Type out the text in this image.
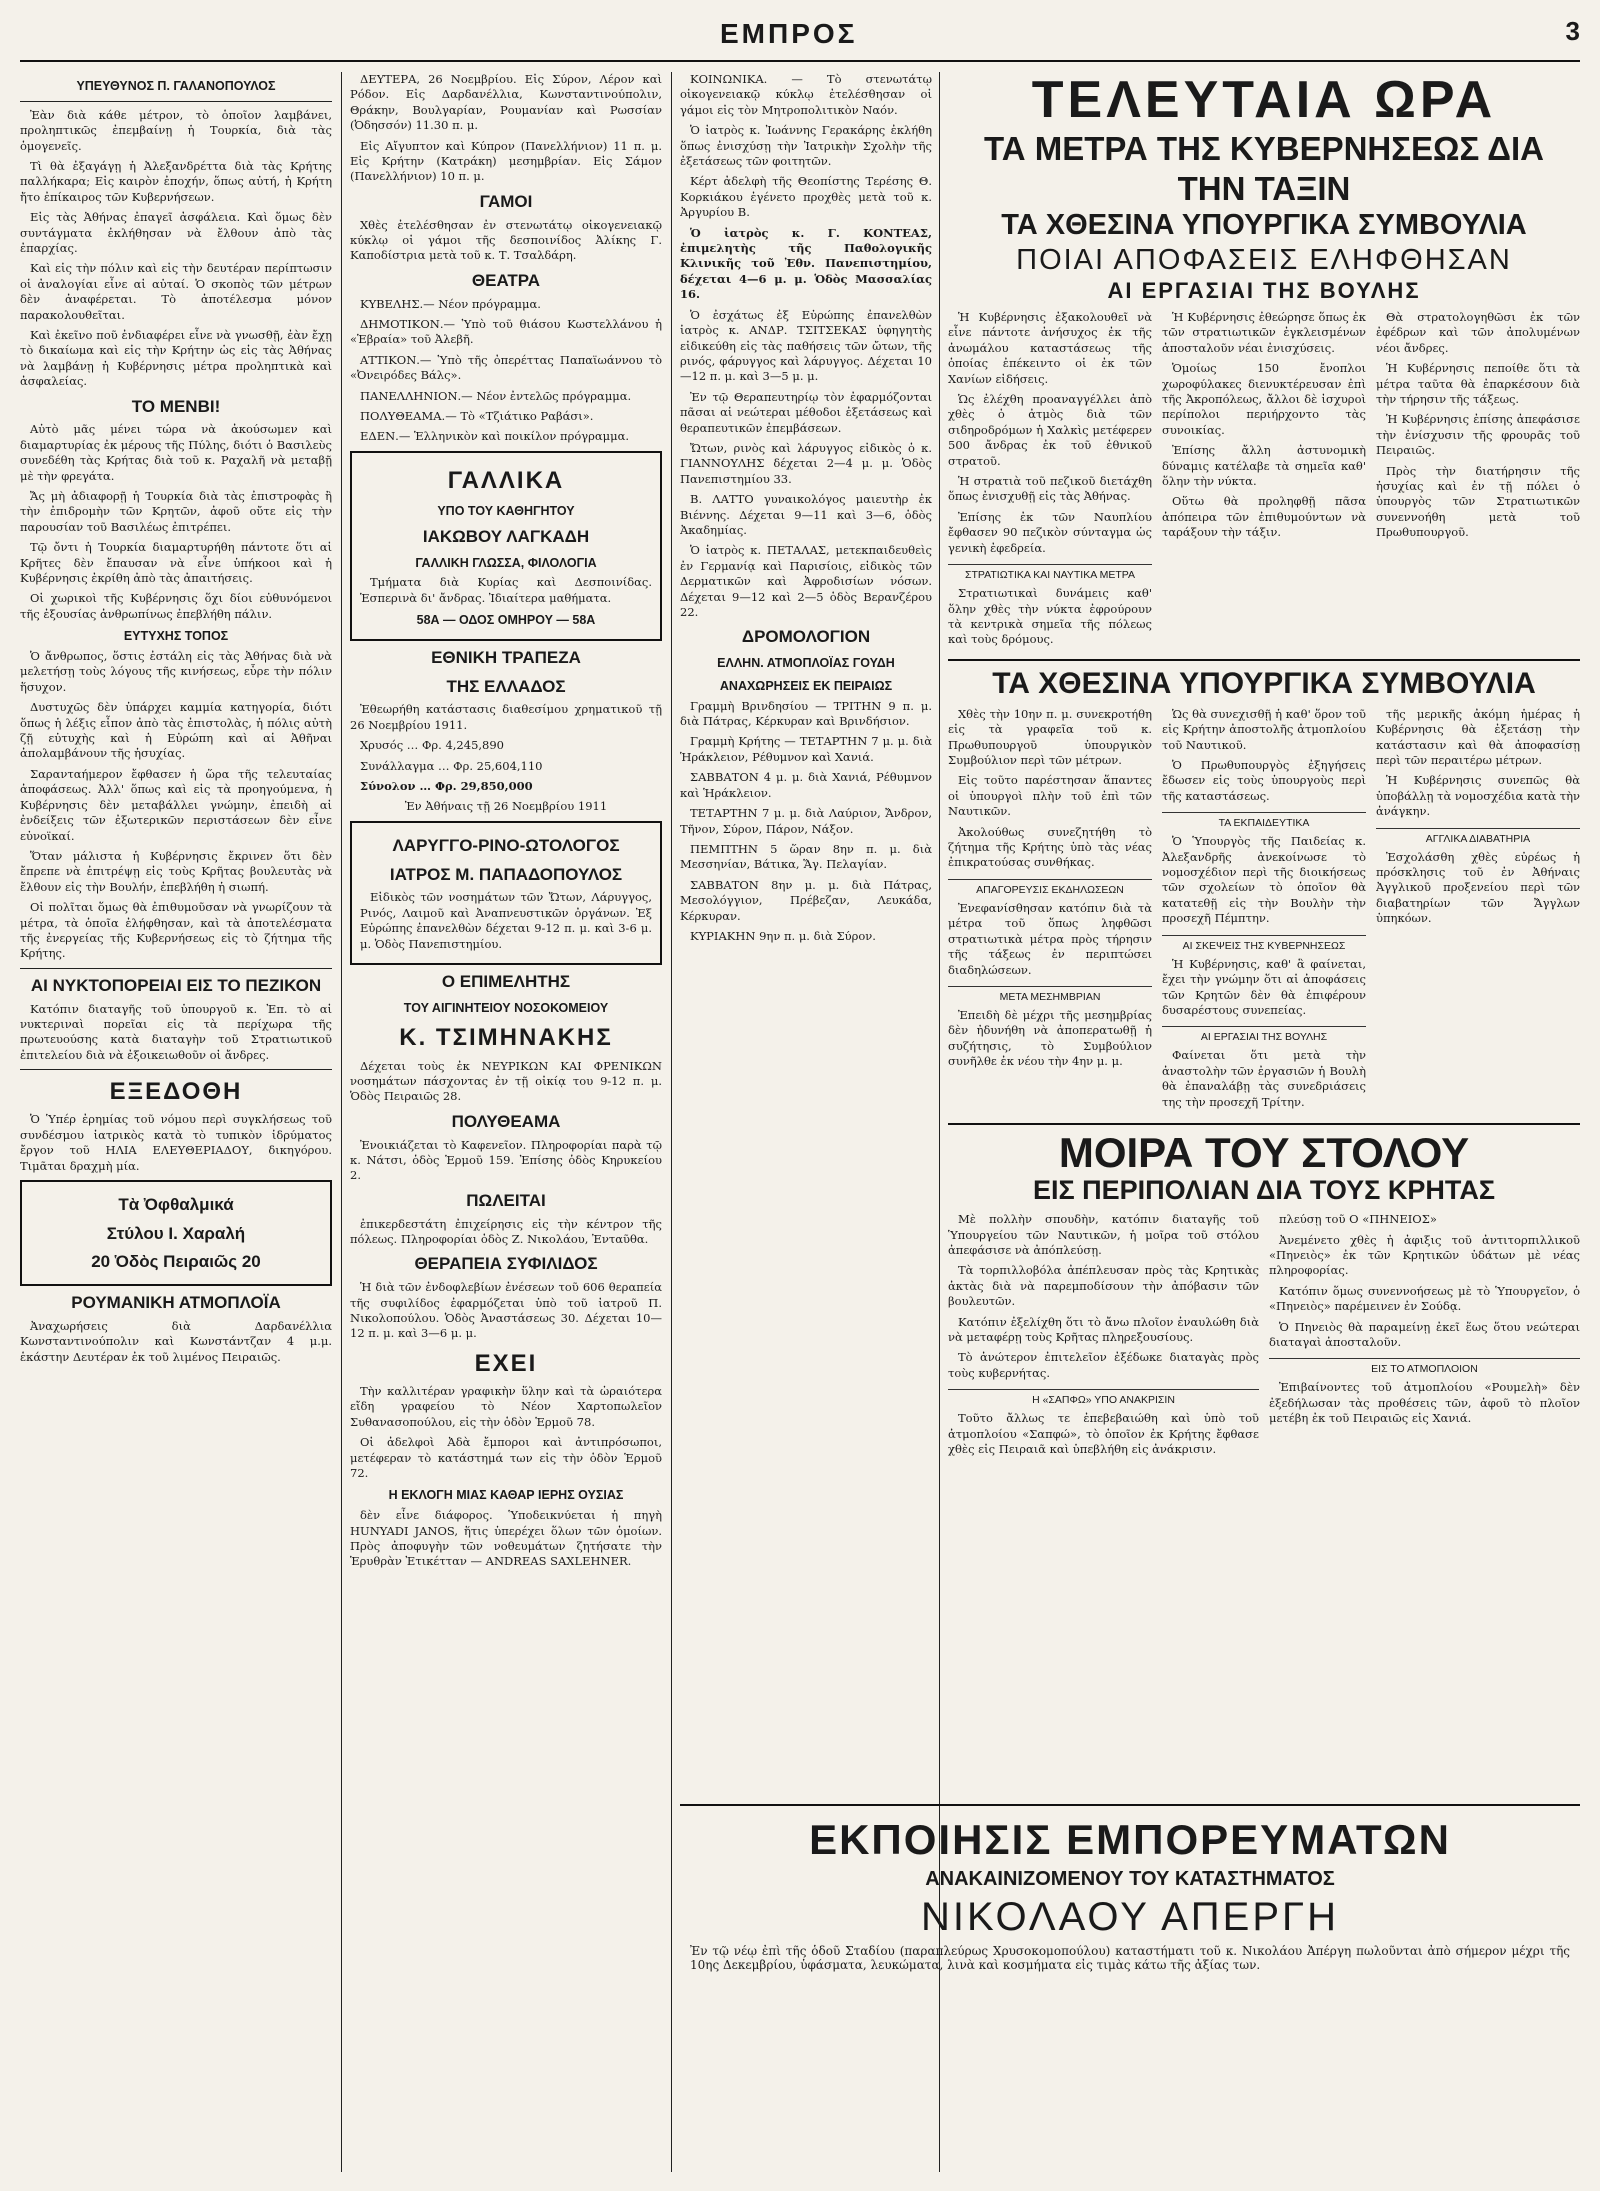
ΕΜΠΡΟΣ	3
ΥΠΕΥΘΥΝΟΣ Π. ΓΑΛΑΝΟΠΟΥΛΟΣ

Ἐὰν διὰ κάθε μέτρον, τὸ ὁποῖον λαμβάνει, προληπτικῶς ἐπεμβαίνῃ ἡ Τουρκία, διὰ τὰς ὁμογενεῖς.

Τὶ θὰ ἐξαγάγῃ ἡ Ἀλεξανδρέττα διὰ τὰς Κρήτης παλλήκαρα; Εἰς καιρὸν ἐποχήν, ὅπως αὐτή, ἡ Κρήτη ἤτο ἐπίκαιρος τῶν Κυβερνήσεων.

Εἰς τὰς Ἀθήνας ἐπαγεῖ ἀσφάλεια. Καὶ ὅμως δὲν συντάγματα ἐκλήθησαν νὰ ἔλθουν ἀπὸ τὰς ἐπαρχίας.

Καὶ εἰς τὴν πόλιν καὶ εἰς τὴν δευτέραν περίπτωσιν οἱ ἀναλογίαι εἶνε αἱ αὐταί. Ὁ σκοπὸς τῶν μέτρων δὲν ἀναφέρεται. Τὸ ἀποτέλεσμα μόνον παρακολουθεῖται.

Καὶ ἐκεῖνο ποῦ ἐνδιαφέρει εἶνε νὰ γνωσθῇ, ἐὰν ἔχῃ τὸ δικαίωμα καὶ εἰς τὴν Κρήτην ὡς εἰς τὰς Ἀθήνας νὰ λαμβάνῃ ἡ Κυβέρνησις μέτρα προληπτικὰ καὶ ἀσφαλείας.

ΤΟ ΜΕΝΒΙ!

Αὐτὸ μᾶς μένει τώρα νὰ ἀκούσωμεν καὶ διαμαρτυρίας ἐκ μέρους τῆς Πύλης, διότι ὁ Βασιλεὺς συνεδέθη τὰς Κρήτας διὰ τοῦ κ. Ραχαλῆ νὰ μεταβῇ μὲ τὴν φρεγάτα.

Ἄς μὴ ἀδιαφορῇ ἡ Τουρκία διὰ τὰς ἐπιστροφὰς ἢ τὴν ἐπιδρομὴν τῶν Κρητῶν, ἀφοῦ οὔτε εἰς τὴν παρουσίαν τοῦ Βασιλέως ἐπιτρέπει.

Τῷ ὄντι ἡ Τουρκία διαμαρτυρήθη πάντοτε ὅτι αἱ Κρῆτες δὲν ἔπαυσαν νὰ εἶνε ὑπήκοοι καὶ ἡ Κυβέρνησις ἐκρίθη ἀπὸ τὰς ἀπαιτήσεις.

Οἱ χωρικοὶ τῆς Κυβέρνησις ὅχι δίοι εὐθυνόμενοι τῆς ἐξουσίας ἀνθρωπίνως ἐπεβλήθη πάλιν.

ΕΥΤΥΧΗΣ ΤΟΠΟΣ

Ὁ ἄνθρωπος, ὅστις ἐστάλη εἰς τὰς Ἀθήνας διὰ νὰ μελετήσῃ τοὺς λόγους τῆς κινήσεως, εὗρε τὴν πόλιν ἥσυχον.

Δυστυχῶς δὲν ὑπάρχει καμμία κατηγορία, διότι ὅπως ἡ λέξις εἶπον ἀπὸ τὰς ἐπιστολὰς, ἡ πόλις αὐτὴ ζῇ εὐτυχὴς καὶ ἡ Εὐρώπη καὶ αἱ Ἀθῆναι ἀπολαμβάνουν τῆς ἡσυχίας.

Σαρανταήμερον ἔφθασεν ἡ ὥρα τῆς τελευταίας ἀποφάσεως. Ἀλλ' ὅπως καὶ εἰς τὰ προηγούμενα, ἡ Κυβέρνησις δὲν μεταβάλλει γνώμην, ἐπειδὴ αἱ ἐνδείξεις τῶν ἐξωτερικῶν περιστάσεων δὲν εἶνε εὐνοϊκαί.

Ὅταν μάλιστα ἡ Κυβέρνησις ἔκρινεν ὅτι δὲν ἔπρεπε νὰ ἐπιτρέψῃ εἰς τοὺς Κρῆτας βουλευτὰς νὰ ἔλθουν εἰς τὴν Βουλήν, ἐπεβλήθη ἡ σιωπή.

Οἱ πολῖται ὅμως θὰ ἐπιθυμοῦσαν νὰ γνωρίζουν τὰ μέτρα, τὰ ὁποῖα ἐλήφθησαν, καὶ τὰ ἀποτελέσματα τῆς ἐνεργείας τῆς Κυβερνήσεως εἰς τὸ ζήτημα τῆς Κρήτης.

ΑΙ ΝΥΚΤΟΠΟΡΕΙΑΙ ΕΙΣ ΤΟ ΠΕΖΙΚΟΝ

Κατόπιν διαταγῆς τοῦ ὑπουργοῦ κ. Ἐπ. τὸ αἱ νυκτεριναὶ πορεῖαι εἰς τὰ περίχωρα τῆς πρωτευούσης κατὰ διαταγὴν τοῦ Στρατιωτικοῦ ἐπιτελείου διὰ νὰ ἐξοικειωθοῦν οἱ ἄνδρες.

ΕΞΕΔΟΘΗ

Ὁ Ὑπέρ ἐρημίας τοῦ νόμου περὶ συγκλήσεως τοῦ συνδέσμου ἰατρικὸς κατὰ τὸ τυπικὸν ἱδρύματος ἔργον τοῦ ΗΛΙΑ ΕΛΕΥΘΕΡΙΑΔΟΥ, δικηγόρου. Τιμᾶται δραχμὴ μία.

Τὰ Ὀφθαλμικά
Στύλου Ι. Χαραλή
20 Ὁδὸς Πειραιῶς 20
ΡΟΥΜΑΝΙΚΗ ΑΤΜΟΠΛΟΪΑ

Ἀναχωρήσεις διὰ Δαρδανέλλια Κωνσταντινούπολιν καὶ Κωνστάντζαν 4 μ.μ. ἑκάστην Δευτέραν ἐκ τοῦ λιμένος Πειραιῶς.

ΔΕΥΤΕΡΑ, 26 Νοεμβρίου. Εἰς Σύρον, Λέρον καὶ Ρόδον. Εἰς Δαρδανέλλια, Κωνσταντινούπολιν, Θράκην, Βουλγαρίαν, Ρουμανίαν καὶ Ρωσσίαν (Ὀδησσόν) 11.30 π. μ.

Εἰς Αἴγυπτον καὶ Κύπρον (Πανελλήνιον) 11 π. μ. Εἰς Κρήτην (Κατράκη) μεσημβρίαν. Εἰς Σάμον (Πανελλήνιον) 10 π. μ.

ΓΑΜΟΙ

Χθὲς ἐτελέσθησαν ἐν στενωτάτῳ οἰκογενειακῷ κύκλῳ οἱ γάμοι τῆς δεσποινίδος Ἀλίκης Γ. Καποδίστρια μετὰ τοῦ κ. Τ. Τσαλδάρη.

ΘΕΑΤΡΑ

ΚΥΒΕΛΗΣ.— Νέον πρόγραμμα.

ΔΗΜΟΤΙΚΟΝ.— Ὑπὸ τοῦ θιάσου Κωστελλάνου ἡ «Ἑβραία» τοῦ Ἀλεβῆ.

ΑΤΤΙΚΟΝ.— Ὑπὸ τῆς ὀπερέττας Παπαϊωάννου τὸ «Ὀνειρόδες Βάλς».

ΠΑΝΕΛΛΗΝΙΟΝ.— Νέον ἐντελῶς πρόγραμμα.

ΠΟΛΥΘΕΑΜΑ.— Τὸ «Τζιάτικο Ραβάσι».

ΕΔΕΝ.— Ἑλληνικὸν καὶ ποικίλον πρόγραμμα.

ΓΑΛΛΙΚΑ
ΥΠΟ ΤΟΥ ΚΑΘΗΓΗΤΟΥ
ΙΑΚΩΒΟΥ ΛΑΓΚΑΔΗ
ΓΑΛΛΙΚΗ ΓΛΩΣΣΑ, ΦΙΛΟΛΟΓΙΑ

Τμήματα διὰ Κυρίας καὶ Δεσποινίδας. Ἑσπερινὰ δι' ἄνδρας. Ἰδιαίτερα μαθήματα.

58Α — ΟΔΟΣ ΟΜΗΡΟΥ — 58Α
ΕΘΝΙΚΗ ΤΡΑΠΕΖΑ
ΤΗΣ ΕΛΛΑΔΟΣ

Ἐθεωρήθη κατάστασις διαθεσίμου χρηματικοῦ τῇ 26 Νοεμβρίου 1911.

Χρυσός … Φρ. 4,245,890

Συνάλλαγμα … Φρ. 25,604,110

Σύνολον … Φρ. 29,850,000

Ἐν Ἀθήναις τῇ 26 Νοεμβρίου 1911

ΛΑΡΥΓΓΟ-ΡΙΝΟ-ΩΤΟΛΟΓΟΣ
ΙΑΤΡΟΣ Μ. ΠΑΠΑΔΟΠΟΥΛΟΣ

Εἰδικὸς τῶν νοσημάτων τῶν Ὤτων, Λάρυγγος, Ρινός, Λαιμοῦ καὶ Ἀναπνευστικῶν ὀργάνων. Ἐξ Εὐρώπης ἐπανελθὼν δέχεται 9-12 π. μ. καὶ 3-6 μ. μ. Ὁδὸς Πανεπιστημίου.

Ο ΕΠΙΜΕΛΗΤΗΣ
ΤΟΥ ΑΙΓΙΝΗΤΕΙΟΥ ΝΟΣΟΚΟΜΕΙΟΥ
Κ. ΤΣΙΜΗΝΑΚΗΣ

Δέχεται τοὺς ἐκ ΝΕΥΡΙΚΩΝ ΚΑΙ ΦΡΕΝΙΚΩΝ νοσημάτων πάσχοντας ἐν τῇ οἰκίᾳ του 9-12 π. μ. Ὁδὸς Πειραιῶς 28.

ΠΟΛΥΘΕΑΜΑ

Ἐνοικιάζεται τὸ Καφενεῖον. Πληροφορίαι παρὰ τῷ κ. Νάτσι, ὁδὸς Ἑρμοῦ 159. Ἐπίσης ὁδὸς Κηρυκείου 2.

ΠΩΛΕΙΤΑΙ

ἐπικερδεστάτη ἐπιχείρησις εἰς τὴν κέντρον τῆς πόλεως. Πληροφορίαι ὁδὸς Ζ. Νικολάου, Ἐνταῦθα.

ΘΕΡΑΠΕΙΑ ΣΥΦΙΛΙΔΟΣ

Ἡ διὰ τῶν ἐνδοφλεβίων ἐνέσεων τοῦ 606 θεραπεία τῆς συφιλίδος ἐφαρμόζεται ὑπὸ τοῦ ἰατροῦ Π. Νικολοπούλου. Ὁδὸς Ἀναστάσεως 30. Δέχεται 10—12 π. μ. καὶ 3—6 μ. μ.

ΕΧΕΙ

Τὴν καλλιτέραν γραφικὴν ὕλην καὶ τὰ ὡραιότερα εἴδη γραφείου τὸ Νέον Χαρτοπωλεῖον Συθανασοπούλου, εἰς τὴν ὁδὸν Ἑρμοῦ 78.

Οἱ ἀδελφοὶ Ἀδὰ ἔμποροι καὶ ἀντιπρόσωποι, μετέφεραν τὸ κατάστημά των εἰς τὴν ὁδὸν Ἑρμοῦ 72.

Η ΕΚΛΟΓΗ ΜΙΑΣ ΚΑΘΑΡ ΙΕΡΗΣ ΟΥΣΙΑΣ

δὲν εἶνε διάφορος. Ὑποδεικνύεται ἡ πηγὴ HUNYADI JANOS, ἥτις ὑπερέχει ὅλων τῶν ὁμοίων. Πρὸς ἀποφυγὴν τῶν νοθευμάτων ζητήσατε τὴν Ἑρυθρὰν Ἐτικέτταν — ANDREAS SAXLEHNER.

ΚΟΙΝΩΝΙΚΑ. — Τὸ στενωτάτῳ οἰκογενειακῷ κύκλῳ ἐτελέσθησαν οἱ γάμοι εἰς τὸν Μητροπολιτικὸν Ναόν.

Ὁ ἰατρὸς κ. Ἰωάννης Γερακάρης ἐκλήθη ὅπως ἐνισχύσῃ τὴν Ἰατρικὴν Σχολὴν τῆς ἐξετάσεως τῶν φοιτητῶν.

Κέρτ ἀδελφὴ τῆς Θεοπίστης Τερέσης Θ. Κορκιάκου ἐγένετο προχθὲς μετὰ τοῦ κ. Ἀργυρίου Β.

Ὁ ἰατρὸς κ. Γ. ΚΟΝΤΕΑΣ, ἐπιμελητὴς τῆς Παθολογικῆς Κλινικῆς τοῦ Ἐθν. Πανεπιστημίου, δέχεται 4—6 μ. μ. Ὁδὸς Μασσαλίας 16.

Ὁ ἐσχάτως ἐξ Εὐρώπης ἐπανελθὼν ἰατρὸς κ. ΑΝΔΡ. ΤΣΙΤΣΕΚΑΣ ὑφηγητὴς εἰδικεύθη εἰς τὰς παθήσεις τῶν ὤτων, τῆς ρινός, φάρυγγος καὶ λάρυγγος. Δέχεται 10—12 π. μ. καὶ 3—5 μ. μ.

Ἐν τῷ Θεραπευτηρίῳ τὸν ἐφαρμόζονται πᾶσαι αἱ νεώτεραι μέθοδοι ἐξετάσεως καὶ θεραπευτικῶν ἐπεμβάσεων.

Ὤτων, ρινὸς καὶ λάρυγγος εἰδικὸς ὁ κ. ΓΙΑΝΝΟΥΛΗΣ δέχεται 2—4 μ. μ. Ὁδὸς Πανεπιστημίου 33.

Β. ΛΑΤΤΟ γυναικολόγος μαιευτὴρ ἐκ Βιέννης. Δέχεται 9—11 καὶ 3—6, ὁδὸς Ἀκαδημίας.

Ὁ ἰατρὸς κ. ΠΕΤΑΛΑΣ, μετεκπαιδευθεὶς ἐν Γερμανίᾳ καὶ Παρισίοις, εἰδικὸς τῶν Δερματικῶν καὶ Ἀφροδισίων νόσων. Δέχεται 9—12 καὶ 2—5 ὁδὸς Βερανζέρου 22.

ΔΡΟΜΟΛΟΓΙΟΝ
ΕΛΛΗΝ. ΑΤΜΟΠΛΟΪΑΣ ΓΟΥΔΗ
ΑΝΑΧΩΡΗΣΕΙΣ ΕΚ ΠΕΙΡΑΙΩΣ

Γραμμὴ Βρινδησίου — ΤΡΙΤΗΝ 9 π. μ. διὰ Πάτρας, Κέρκυραν καὶ Βρινδήσιον.

Γραμμὴ Κρήτης — ΤΕΤΑΡΤΗΝ 7 μ. μ. διὰ Ἡράκλειον, Ρέθυμνον καὶ Χανιά.

ΣΑΒΒΑΤΟΝ 4 μ. μ. διὰ Χανιά, Ρέθυμνον καὶ Ἡράκλειον.

ΤΕΤΑΡΤΗΝ 7 μ. μ. διὰ Λαύριον, Ἄνδρον, Τῆνον, Σύρον, Πάρον, Νάξον.

ΠΕΜΠΤΗΝ 5 ὥραν 8ην π. μ. διὰ Μεσσηνίαν, Βάτικα, Ἅγ. Πελαγίαν.

ΣΑΒΒΑΤΟΝ 8ην μ. μ. διὰ Πάτρας, Μεσολόγγιον, Πρέβεζαν, Λευκάδα, Κέρκυραν.

ΚΥΡΙΑΚΗΝ 9ην π. μ. διὰ Σύρον.

ΕΚΠΟΙΗΣΙΣ ΕΜΠΟΡΕΥΜΑΤΩΝ
ΑΝΑΚΑΙΝΙΖΟΜΕΝΟΥ ΤΟΥ ΚΑΤΑΣΤΗΜΑΤΟΣ
ΝΙΚΟΛΑΟΥ ΑΠΕΡΓΗ
Ἐν τῷ νέῳ ἐπὶ τῆς ὁδοῦ Σταδίου (παραπλεύρως Χρυσοκομοπούλου) καταστήματι τοῦ κ. Νικολάου Ἀπέργη πωλοῦνται ἀπὸ σήμερον μέχρι τῆς 10ης Δεκεμβρίου, ὑφάσματα, λευκώματα, λινὰ καὶ κοσμήματα εἰς τιμὰς κάτω τῆς ἀξίας των.
ΤΕΛΕΥΤΑΙΑ ΩΡΑ
ΤΑ ΜΕΤΡΑ ΤΗΣ ΚΥΒΕΡΝΗΣΕΩΣ ΔΙΑ ΤΗΝ ΤΑΞΙΝ
ΤΑ ΧΘΕΣΙΝΑ ΥΠΟΥΡΓΙΚΑ ΣΥΜΒΟΥΛΙΑ
ΠΟΙΑΙ ΑΠΟΦΑΣΕΙΣ ΕΛΗΦΘΗΣΑΝ
ΑΙ ΕΡΓΑΣΙΑΙ ΤΗΣ ΒΟΥΛΗΣ

Ἡ Κυβέρνησις ἐξακολουθεῖ νὰ εἶνε πάντοτε ἀνήσυχος ἐκ τῆς ἀνωμάλου καταστάσεως τῆς ὁποίας ἐπέκειντο οἱ ἐκ τῶν Χανίων εἰδήσεις.

Ὡς ἐλέχθη προαναγγέλλει ἀπὸ χθὲς ὁ ἀτμὸς διὰ τῶν σιδηροδρόμων ἡ Χαλκὶς μετέφερεν 500 ἄνδρας ἐκ τοῦ ἐθνικοῦ στρατοῦ.

Ἡ στρατιὰ τοῦ πεζικοῦ διετάχθη ὅπως ἐνισχυθῇ εἰς τὰς Ἀθήνας.

Ἐπίσης ἐκ τῶν Ναυπλίου ἔφθασεν 90 πεζικὸν σύνταγμα ὡς γενικὴ ἐφεδρεία.

ΣΤΡΑΤΙΩΤΙΚΑ ΚΑΙ ΝΑΥΤΙΚΑ ΜΕΤΡΑ

Στρατιωτικαὶ δυνάμεις καθ' ὅλην χθὲς τὴν νύκτα ἐφρούρουν τὰ κεντρικὰ σημεῖα τῆς πόλεως καὶ τοὺς δρόμους.

Ἡ Κυβέρνησις ἐθεώρησε ὅπως ἐκ τῶν στρατιωτικῶν ἐγκλεισμένων ἀποσταλοῦν νέαι ἐνισχύσεις.

Ὁμοίως 150 ἔνοπλοι χωροφύλακες διενυκτέρευσαν ἐπὶ τῆς Ἀκροπόλεως, ἄλλοι δὲ ἰσχυροὶ περίπολοι περιήρχοντο τὰς συνοικίας.

Ἐπίσης ἄλλη ἀστυνομικὴ δύναμις κατέλαβε τὰ σημεῖα καθ' ὅλην τὴν νύκτα.

Οὕτω θὰ προληφθῇ πᾶσα ἀπόπειρα τῶν ἐπιθυμούντων νὰ ταράξουν τὴν τάξιν.

Θὰ στρατολογηθῶσι ἐκ τῶν ἐφέδρων καὶ τῶν ἀπολυμένων νέοι ἄνδρες.

Ἡ Κυβέρνησις πεποίθε ὅτι τὰ μέτρα ταῦτα θὰ ἐπαρκέσουν διὰ τὴν τήρησιν τῆς τάξεως.

Ἡ Κυβέρνησις ἐπίσης ἀπεφάσισε τὴν ἐνίσχυσιν τῆς φρουρᾶς τοῦ Πειραιῶς.

Πρὸς τὴν διατήρησιν τῆς ἡσυχίας καὶ ἐν τῇ πόλει ὁ ὑπουργὸς τῶν Στρατιωτικῶν συνεννοήθη μετὰ τοῦ Πρωθυπουργοῦ.

ΤΑ ΧΘΕΣΙΝΑ ΥΠΟΥΡΓΙΚΑ ΣΥΜΒΟΥΛΙΑ

Χθὲς τὴν 10ην π. μ. συνεκροτήθη εἰς τὰ γραφεῖα τοῦ κ. Πρωθυπουργοῦ ὑπουργικὸν Συμβούλιον περὶ τῶν μέτρων.

Εἰς τοῦτο παρέστησαν ἅπαντες οἱ ὑπουργοὶ πλὴν τοῦ ἐπὶ τῶν Ναυτικῶν.

Ἀκολούθως συνεζητήθη τὸ ζήτημα τῆς Κρήτης ὑπὸ τὰς νέας ἐπικρατούσας συνθήκας.

ΑΠΑΓΟΡΕΥΣΙΣ ΕΚΔΗΛΩΣΕΩΝ

Ἐνεφανίσθησαν κατόπιν διὰ τὰ μέτρα τοῦ ὅπως ληφθῶσι στρατιωτικὰ μέτρα πρὸς τήρησιν τῆς τάξεως ἐν περιπτώσει διαδηλώσεων.

ΜΕΤΑ ΜΕΣΗΜΒΡΙΑΝ

Ἐπειδὴ δὲ μέχρι τῆς μεσημβρίας δὲν ἠδυνήθη νὰ ἀποπερατωθῇ ἡ συζήτησις, τὸ Συμβούλιον συνῆλθε ἐκ νέου τὴν 4ην μ. μ.

Ὡς θὰ συνεχισθῇ ἡ καθ' ὅρον τοῦ εἰς Κρήτην ἀποστολῆς ἀτμοπλοίου τοῦ Ναυτικοῦ.

Ὁ Πρωθυπουργὸς ἐξηγήσεις ἔδωσεν εἰς τοὺς ὑπουργοὺς περὶ τῆς καταστάσεως.

ΤΑ ΕΚΠΑΙΔΕΥΤΙΚΑ

Ὁ Ὑπουργὸς τῆς Παιδείας κ. Ἀλεξανδρῆς ἀνεκοίνωσε τὸ νομοσχέδιον περὶ τῆς διοικήσεως τῶν σχολείων τὸ ὁποῖον θὰ κατατεθῇ εἰς τὴν Βουλὴν τὴν προσεχῆ Πέμπτην.

ΑΙ ΣΚΕΨΕΙΣ ΤΗΣ ΚΥΒΕΡΝΗΣΕΩΣ

Ἡ Κυβέρνησις, καθ' ἃ φαίνεται, ἔχει τὴν γνώμην ὅτι αἱ ἀποφάσεις τῶν Κρητῶν δὲν θὰ ἐπιφέρουν δυσαρέστους συνεπείας.

ΑΙ ΕΡΓΑΣΙΑΙ ΤΗΣ ΒΟΥΛΗΣ

Φαίνεται ὅτι μετὰ τὴν ἀναστολὴν τῶν ἐργασιῶν ἡ Βουλὴ θὰ ἐπαναλάβῃ τὰς συνεδριάσεις της τὴν προσεχῆ Τρίτην.

τῆς μερικῆς ἀκόμη ἡμέρας ἡ Κυβέρνησις θὰ ἐξετάσῃ τὴν κατάστασιν καὶ θὰ ἀποφασίσῃ περὶ τῶν περαιτέρω μέτρων.

Ἡ Κυβέρνησις συνεπῶς θὰ ὑποβάλλῃ τὰ νομοσχέδια κατὰ τὴν ἀνάγκην.

ΑΓΓΛΙΚΑ ΔΙΑΒΑΤΗΡΙΑ

Ἐσχολάσθη χθὲς εὐρέως ἡ πρόσκλησις τοῦ ἐν Ἀθήναις Ἀγγλικοῦ προξενείου περὶ τῶν διαβατηρίων τῶν Ἄγγλων ὑπηκόων.

ΜΟΙΡΑ ΤΟΥ ΣΤΟΛΟΥ
ΕΙΣ ΠΕΡΙΠΟΛΙΑΝ ΔΙΑ ΤΟΥΣ ΚΡΗΤΑΣ

Μὲ πολλὴν σπουδὴν, κατόπιν διαταγῆς τοῦ Ὑπουργείου τῶν Ναυτικῶν, ἡ μοῖρα τοῦ στόλου ἀπεφάσισε νὰ ἀπόπλεύσῃ.

Τὰ τορπιλλοβόλα ἀπέπλευσαν πρὸς τὰς Κρητικὰς ἀκτὰς διὰ νὰ παρεμποδίσουν τὴν ἀπόβασιν τῶν βουλευτῶν.

Κατόπιν ἐξελίχθη ὅτι τὸ ἄνω πλοῖον ἐναυλώθη διὰ νὰ μεταφέρῃ τοὺς Κρῆτας πληρεξουσίους.

Τὸ ἀνώτερον ἐπιτελεῖον ἐξέδωκε διαταγὰς πρὸς τοὺς κυβερνήτας.

Η «ΣΑΠΦΩ» ΥΠΟ ΑΝΑΚΡΙΣΙΝ

Τοῦτο ἄλλως τε ἐπεβεβαιώθη καὶ ὑπὸ τοῦ ἀτμοπλοίου «Σαπφώ», τὸ ὁποῖον ἐκ Κρήτης ἔφθασε χθὲς εἰς Πειραιᾶ καὶ ὑπεβλήθη εἰς ἀνάκρισιν.

πλεύσῃ τοῦ Ο «ΠΗΝΕΙΟΣ»

Ἀνεμένετο χθὲς ἡ ἀφιξις τοῦ ἀντιτορπιλλικοῦ «Πηνειὸς» ἐκ τῶν Κρητικῶν ὑδάτων μὲ νέας πληροφορίας.

Κατόπιν ὅμως συνεννοήσεως μὲ τὸ Ὑπουργεῖον, ὁ «Πηνειὸς» παρέμεινεν ἐν Σούδᾳ.

Ὁ Πηνειὸς θὰ παραμείνῃ ἐκεῖ ἕως ὅτου νεώτεραι διαταγαὶ ἀποσταλοῦν.

ΕΙΣ ΤΟ ΑΤΜΟΠΛΟΙΟΝ

Ἐπιβαίνοντες τοῦ ἀτμοπλοίου «Ρουμελὴ» δὲν ἐξεδήλωσαν τὰς προθέσεις τῶν, ἀφοῦ τὸ πλοῖον μετέβη ἐκ τοῦ Πειραιῶς εἰς Χανιά.
